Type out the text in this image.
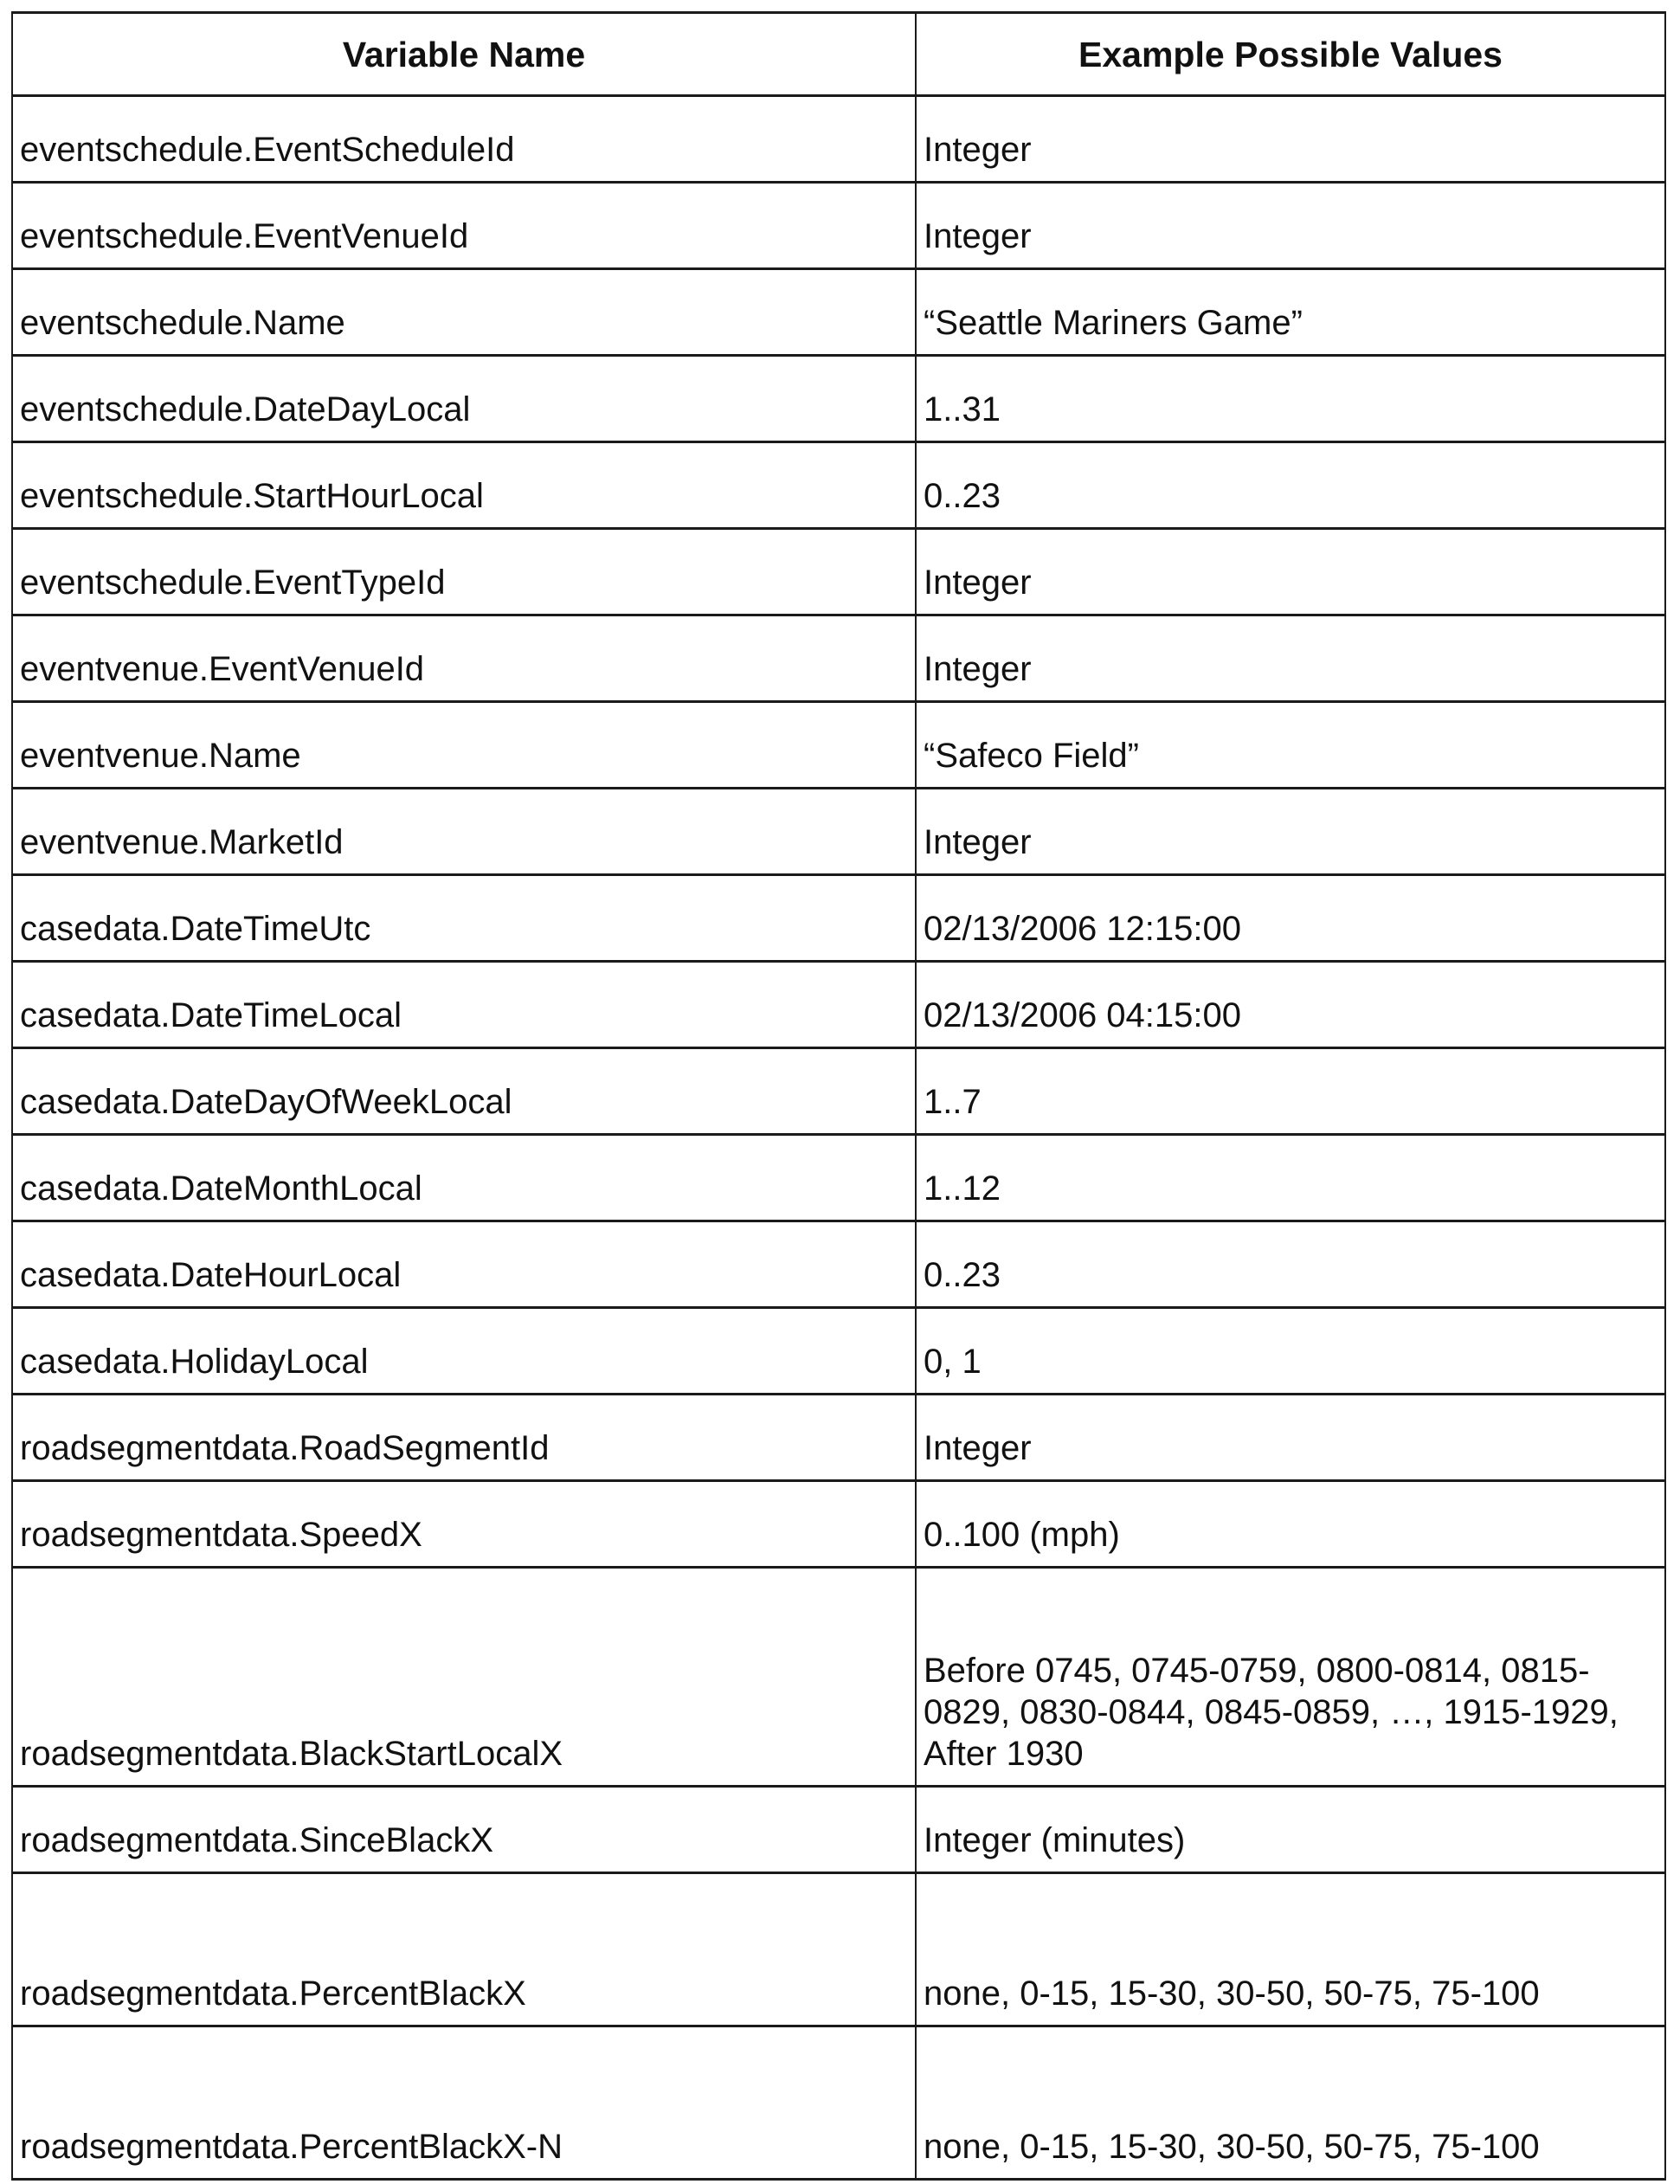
Variable Name	Example Possible Values
eventschedule.EventScheduleId	Integer
eventschedule.EventVenueId	Integer
eventschedule.Name	“Seattle Mariners Game”
eventschedule.DateDayLocal	1..31
eventschedule.StartHourLocal	0..23
eventschedule.EventTypeId	Integer
eventvenue.EventVenueId	Integer
eventvenue.Name	“Safeco Field”
eventvenue.MarketId	Integer
casedata.DateTimeUtc	02/13/2006 12:15:00
casedata.DateTimeLocal	02/13/2006 04:15:00
casedata.DateDayOfWeekLocal	1..7
casedata.DateMonthLocal	1..12
casedata.DateHourLocal	0..23
casedata.HolidayLocal	0, 1
roadsegmentdata.RoadSegmentId	Integer
roadsegmentdata.SpeedX	0..100 (mph)
roadsegmentdata.BlackStartLocalX	Before 0745, 0745-0759, 0800-0814, 0815-0829, 0830-0844, 0845-0859, …, 1915-1929, After 1930
roadsegmentdata.SinceBlackX	Integer (minutes)
roadsegmentdata.PercentBlackX	none, 0-15, 15-30, 30-50, 50-75, 75-100
roadsegmentdata.PercentBlackX-N	none, 0-15, 15-30, 30-50, 50-75, 75-100
